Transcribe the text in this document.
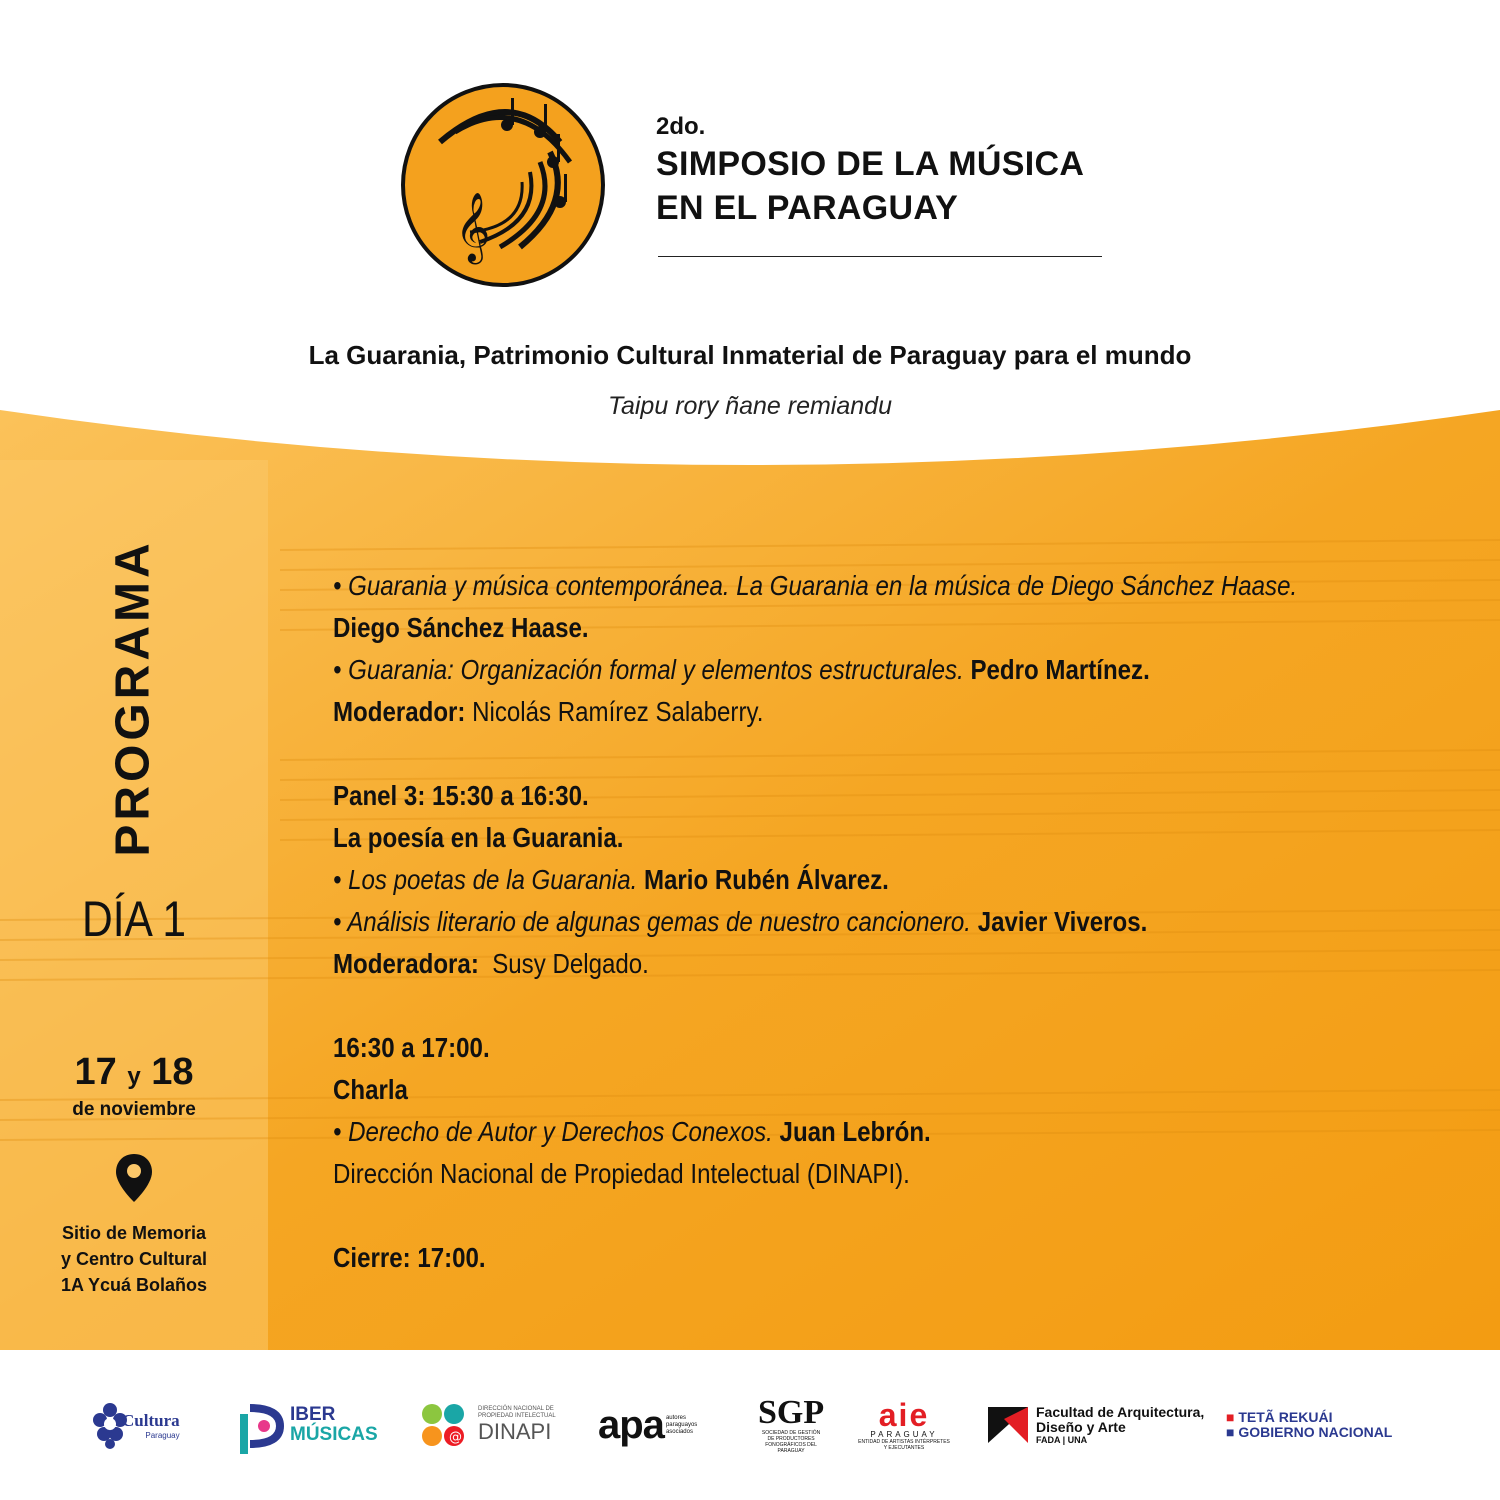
𝄞
2do.
SIMPOSIO DE LA MÚSICA
EN EL PARAGUAY
La Guarania, Patrimonio Cultural Inmaterial de Paraguay para el mundo
Taipu rory ñane remiandu
PROGRAMA
DÍA 1
17 y 18
de noviembre
Sitio de Memoria
y Centro Cultural
1A Ycuá Bolaños
• Guarania y música contemporánea. La Guarania en la música de Diego Sánchez Haase.
Diego Sánchez Haase.
• Guarania: Organización formal y elementos estructurales. Pedro Martínez.
Moderador: Nicolás Ramírez Salaberry.
Panel 3: 15:30 a 16:30.
La poesía en la Guarania.
• Los poetas de la Guarania. Mario Rubén Álvarez.
• Análisis literario de algunas gemas de nuestro cancionero. Javier Viveros.
Moderadora: Susy Delgado.
16:30 a 17:00.
Charla
• Derecho de Autor y Derechos Conexos. Juan Lebrón.
Dirección Nacional de Propiedad Intelectual (DINAPI).
Cierre: 17:00.
Cultura
Paraguay
IBER
MÚSICAS	@
DIRECCIÓN NACIONAL DE PROPIEDAD INTELECTUAL
DINAPI	apa autores paraguayos asociados
SGP
SOCIEDAD DE GESTIÓN DE PRODUCTORES FONOGRÁFICOS DEL PARAGUAY
aie
PARAGUAY
ENTIDAD DE ARTISTAS INTÉRPRETES Y EJECUTANTES
Facultad de Arquitectura,
Diseño y Arte
FADA | UNA
■ TETÃ REKUÁI
■ GOBIERNO NACIONAL
